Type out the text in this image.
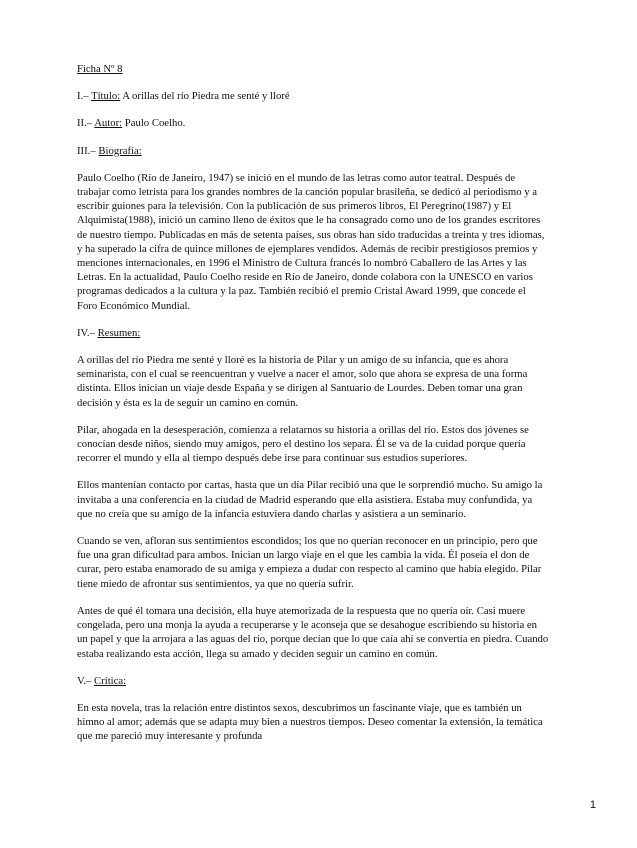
Ficha Nº 8

I.– Título: A orillas del río Piedra me senté y lloré

II.– Autor: Paulo Coelho.

III.– Biografía:

Paulo Coelho (Río de Janeiro, 1947) se inició en el mundo de las letras como autor teatral. Después de

trabajar como letrista para los grandes nombres de la canción popular brasileña, se dedicó al periodismo y a

escribir guiones para la televisión. Con la publicación de sus primeros libros, El Peregrino(1987) y El

Alquimista(1988), inició un camino lleno de éxitos que le ha consagrado como uno de los grandes escritores

de nuestro tiempo. Publicadas en más de setenta países, sus obras han sido traducidas a treinta y tres idiomas,

y ha superado la cifra de quince millones de ejemplares vendidos. Además de recibir prestigiosos premios y

menciones internacionales, en 1996 el Ministro de Cultura francés lo nombró Caballero de las Artes y las

Letras. En la actualidad, Paulo Coelho reside en Río de Janeiro, donde colabora con la UNESCO en varios

programas dedicados a la cultura y la paz. También recibió el premio Cristal Award 1999, que concede el

Foro Económico Mundial.

IV.– Resumen:

A orillas del río Piedra me senté y lloré es la historia de Pilar y un amigo de su infancia, que es ahora

seminarista, con el cual se reencuentran y vuelve a nacer el amor, solo que ahora se expresa de una forma

distinta. Ellos inician un viaje desde España y se dirigen al Santuario de Lourdes. Deben tomar una gran

decisión y ésta es la de seguir un camino en común.

Pilar, ahogada en la desesperación, comienza a relatarnos su historia a orillas del río. Estos dos jóvenes se

conocían desde niños, siendo muy amigos, pero el destino los separa. Él se va de la cuidad porque quería

recorrer el mundo y ella al tiempo después debe irse para continuar sus estudios superiores.

Ellos mantenían contacto por cartas, hasta que un día Pilar recibió una que le sorprendió mucho. Su amigo la

invitaba a una conferencia en la ciudad de Madrid esperando que ella asistiera. Estaba muy confundida, ya

que no creía que su amigo de la infancia estuviera dando charlas y asistiera a un seminario.

Cuando se ven, afloran sus sentimientos escondidos; los que no querían reconocer en un principio, pero que

fue una gran dificultad para ambos. Inician un largo viaje en el que les cambia la vida. Él poseía el don de

curar, pero estaba enamorado de su amiga y empieza a dudar con respecto al camino que había elegido. Pilar

tiene miedo de afrontar sus sentimientos, ya que no quería sufrir.

Antes de qué él tomara una decisión, ella huye atemorizada de la respuesta que no quería oír. Casi muere

congelada, pero una monja la ayuda a recuperarse y le aconseja que se desahogue escribiendo su historia en

un papel y que la arrojara a las aguas del río, porque decían que lo que caía ahí se convertía en piedra. Cuando

estaba realizando esta acción, llega su amado y deciden seguir un camino en común.

V.– Crítica:

En esta novela, tras la relación entre distintos sexos, descubrimos un fascinante viaje, que es también un

himno al amor; además que se adapta muy bien a nuestros tiempos. Deseo comentar la extensión, la temática

que me pareció muy interesante y profunda

1
